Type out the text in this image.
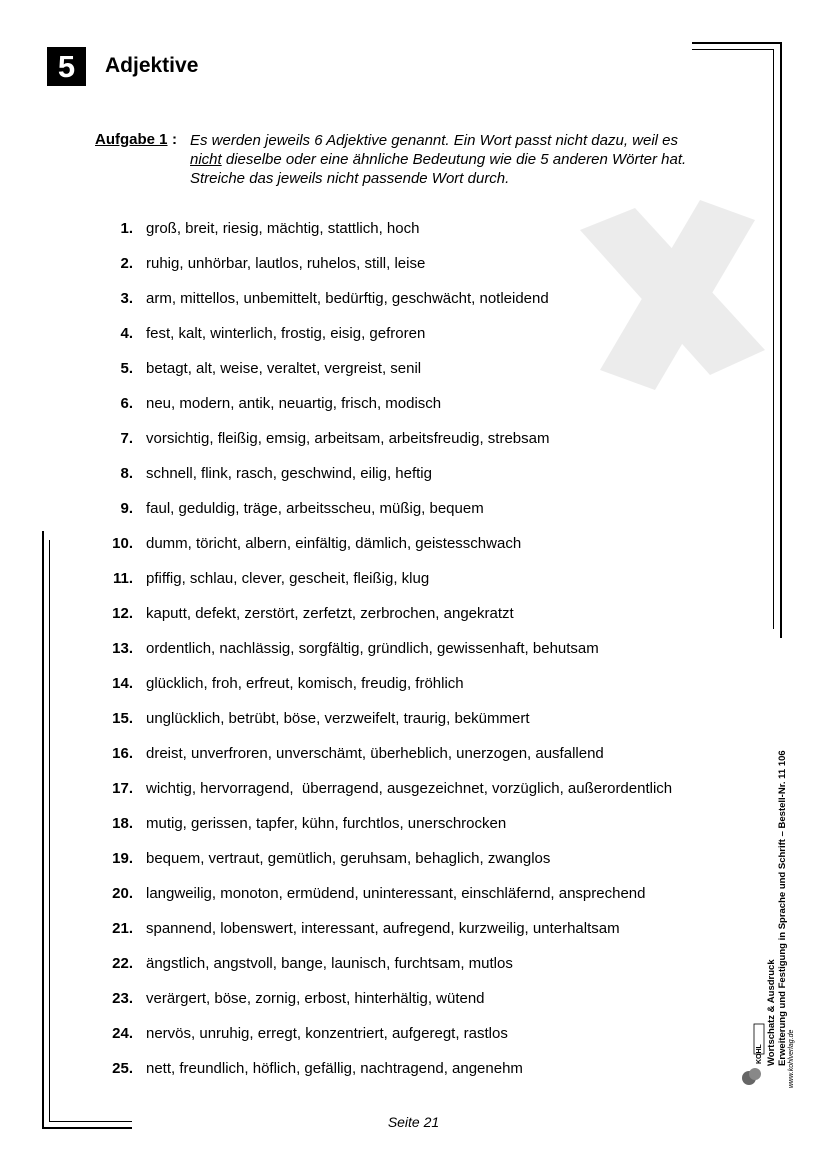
5 Adjektive
Aufgabe 1 : Es werden jeweils 6 Adjektive genannt. Ein Wort passt nicht dazu, weil es
nicht dieselbe oder eine ähnliche Bedeutung wie die 5 anderen Wörter hat.
Streiche das jeweils nicht passende Wort durch.
1. groß, breit, riesig, mächtig, stattlich, hoch
2. ruhig, unhörbar, lautlos, ruhelos, still, leise
3. arm, mittellos, unbemittelt, bedürftig, geschwächt, notleidend
4. fest, kalt, winterlich, frostig, eisig, gefroren
5. betagt, alt, weise, veraltet, vergreist, senil
6. neu, modern, antik, neuartig, frisch, modisch
7. vorsichtig, fleißig, emsig, arbeitsam, arbeitsfreudig, strebsam
8. schnell, flink, rasch, geschwind, eilig, heftig
9. faul, geduldig, träge, arbeitsscheu, müßig, bequem
10. dumm, töricht, albern, einfältig, dämlich, geistesschwach
11. pfiffig, schlau, clever, gescheit, fleißig, klug
12. kaputt, defekt, zerstört, zerfetzt, zerbrochen, angekratzt
13. ordentlich, nachlässig, sorgfältig, gründlich, gewissenhaft, behutsam
14. glücklich, froh, erfreut, komisch, freudig, fröhlich
15. unglücklich, betrübt, böse, verzweifelt, traurig, bekümmert
16. dreist, unverfroren, unverschämt, überheblich, unerzogen, ausfallend
17. wichtig, hervorragend,  überragend, ausgezeichnet, vorzüglich, außerordentlich
18. mutig, gerissen, tapfer, kühn, furchtlos, unerschrocken
19. bequem, vertraut, gemütlich, geruhsam, behaglich, zwanglos
20. langweilig, monoton, ermüdend, uninteressant, einschläfernd, ansprechend
21. spannend, lobenswert, interessant, aufregend, kurzweilig, unterhaltsam
22. ängstlich, angstvoll, bange, launisch, furchtsam, mutlos
23. verärgert, böse, zornig, erbost, hinterhältig, wütend
24. nervös, unruhig, erregt, konzentriert, aufgeregt, rastlos
25. nett, freundlich, höflich, gefällig, nachtragend, angenehm
Seite 21
Wortschatz & Ausdruck Erweiterung und Festigung in Sprache und Schrift – Bestell-Nr. 11 106
KOHL	www.kohlverlag.de
